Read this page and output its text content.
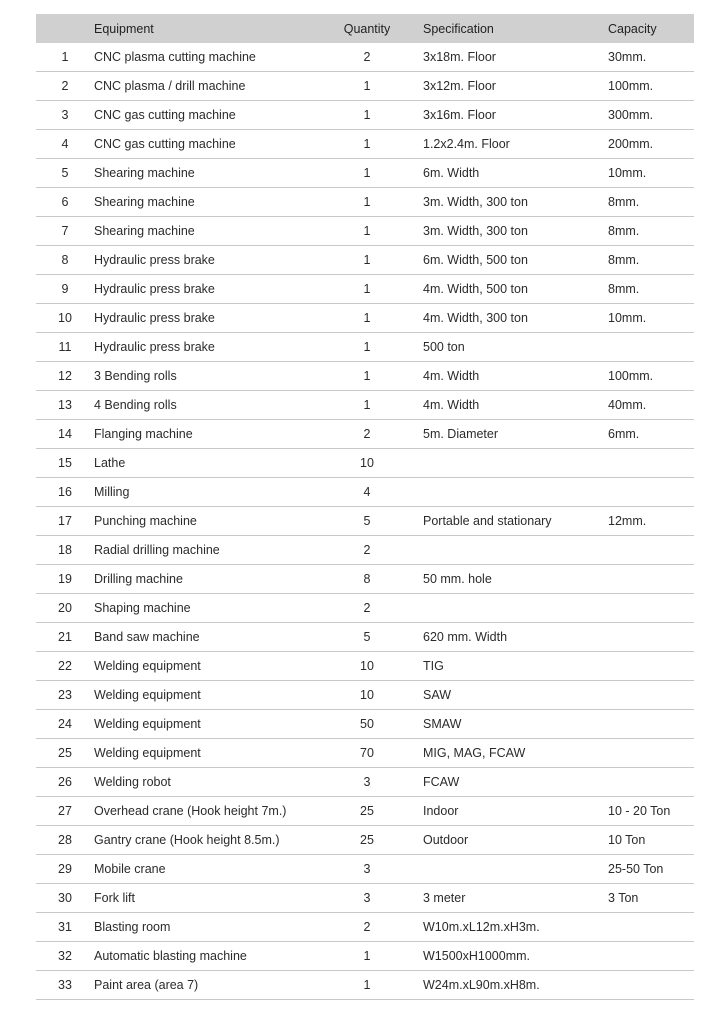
	Equipment	Quantity	Specification	Capacity
1	CNC plasma cutting machine	2	3x18m. Floor	30mm.
2	CNC plasma / drill machine	1	3x12m. Floor	100mm.
3	CNC gas cutting machine	1	3x16m. Floor	300mm.
4	CNC gas cutting machine	1	1.2x2.4m. Floor	200mm.
5	Shearing machine	1	6m. Width	10mm.
6	Shearing machine	1	3m. Width, 300 ton	8mm.
7	Shearing machine	1	3m. Width, 300 ton	8mm.
8	Hydraulic press brake	1	6m. Width, 500 ton	8mm.
9	Hydraulic press brake	1	4m. Width, 500 ton	8mm.
10	Hydraulic press brake	1	4m. Width, 300 ton	10mm.
11	Hydraulic press brake	1	500 ton	
12	3 Bending rolls	1	4m. Width	100mm.
13	4 Bending rolls	1	4m. Width	40mm.
14	Flanging machine	2	5m. Diameter	6mm.
15	Lathe	10		
16	Milling	4		
17	Punching machine	5	Portable and stationary	12mm.
18	Radial drilling machine	2		
19	Drilling machine	8	50 mm. hole	
20	Shaping machine	2		
21	Band saw machine	5	620 mm. Width	
22	Welding equipment	10	TIG	
23	Welding equipment	10	SAW	
24	Welding equipment	50	SMAW	
25	Welding equipment	70	MIG, MAG, FCAW	
26	Welding robot	3	FCAW	
27	Overhead crane (Hook height 7m.)	25	Indoor	10 - 20 Ton
28	Gantry crane (Hook height 8.5m.)	25	Outdoor	10 Ton
29	Mobile crane	3		25-50 Ton
30	Fork lift	3	3 meter	3 Ton
31	Blasting room	2	W10m.xL12m.xH3m.	
32	Automatic blasting machine	1	W1500xH1000mm.	
33	Paint area (area 7)	1	W24m.xL90m.xH8m.	
